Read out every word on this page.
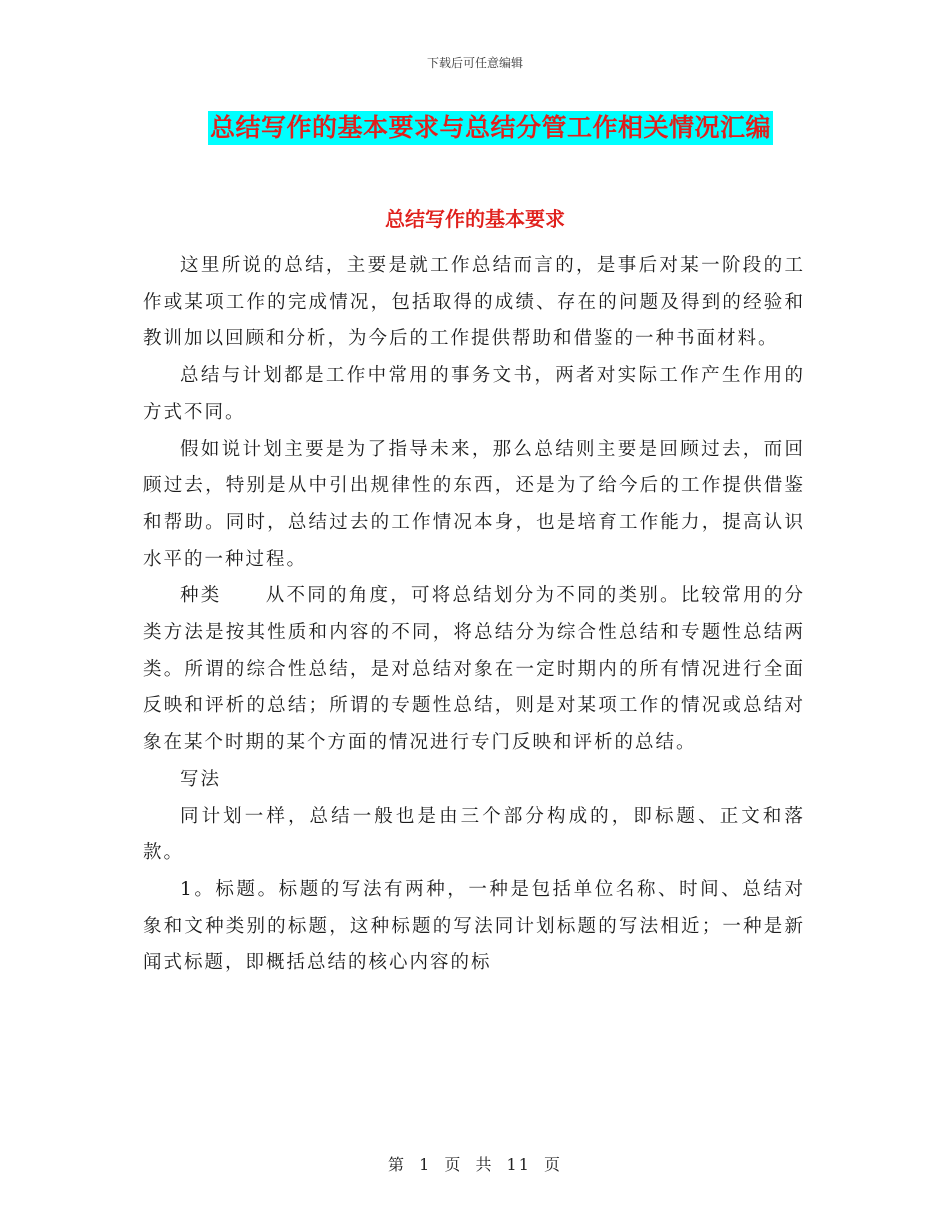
下载后可任意编辑
总结写作的基本要求与总结分管工作相关情况汇编
总结写作的基本要求

这里所说的总结，主要是就工作总结而言的，是事后对某一阶段的工作或某项工作的完成情况，包括取得的成绩、存在的问题及得到的经验和教训加以回顾和分析，为今后的工作提供帮助和借鉴的一种书面材料。

总结与计划都是工作中常用的事务文书，两者对实际工作产生作用的方式不同。

假如说计划主要是为了指导未来，那么总结则主要是回顾过去，而回顾过去，特别是从中引出规律性的东西，还是为了给今后的工作提供借鉴和帮助。同时，总结过去的工作情况本身，也是培育工作能力，提高认识水平的一种过程。

种类 从不同的角度，可将总结划分为不同的类别。比较常用的分类方法是按其性质和内容的不同，将总结分为综合性总结和专题性总结两类。所谓的综合性总结，是对总结对象在一定时期内的所有情况进行全面反映和评析的总结；所谓的专题性总结，则是对某项工作的情况或总结对象在某个时期的某个方面的情况进行专门反映和评析的总结。

写法

同计划一样，总结一般也是由三个部分构成的，即标题、正文和落款。

1。标题。标题的写法有两种，一种是包括单位名称、时间、总结对象和文种类别的标题，这种标题的写法同计划标题的写法相近；一种是新闻式标题，即概括总结的核心内容的标

第 1 页 共 11 页
